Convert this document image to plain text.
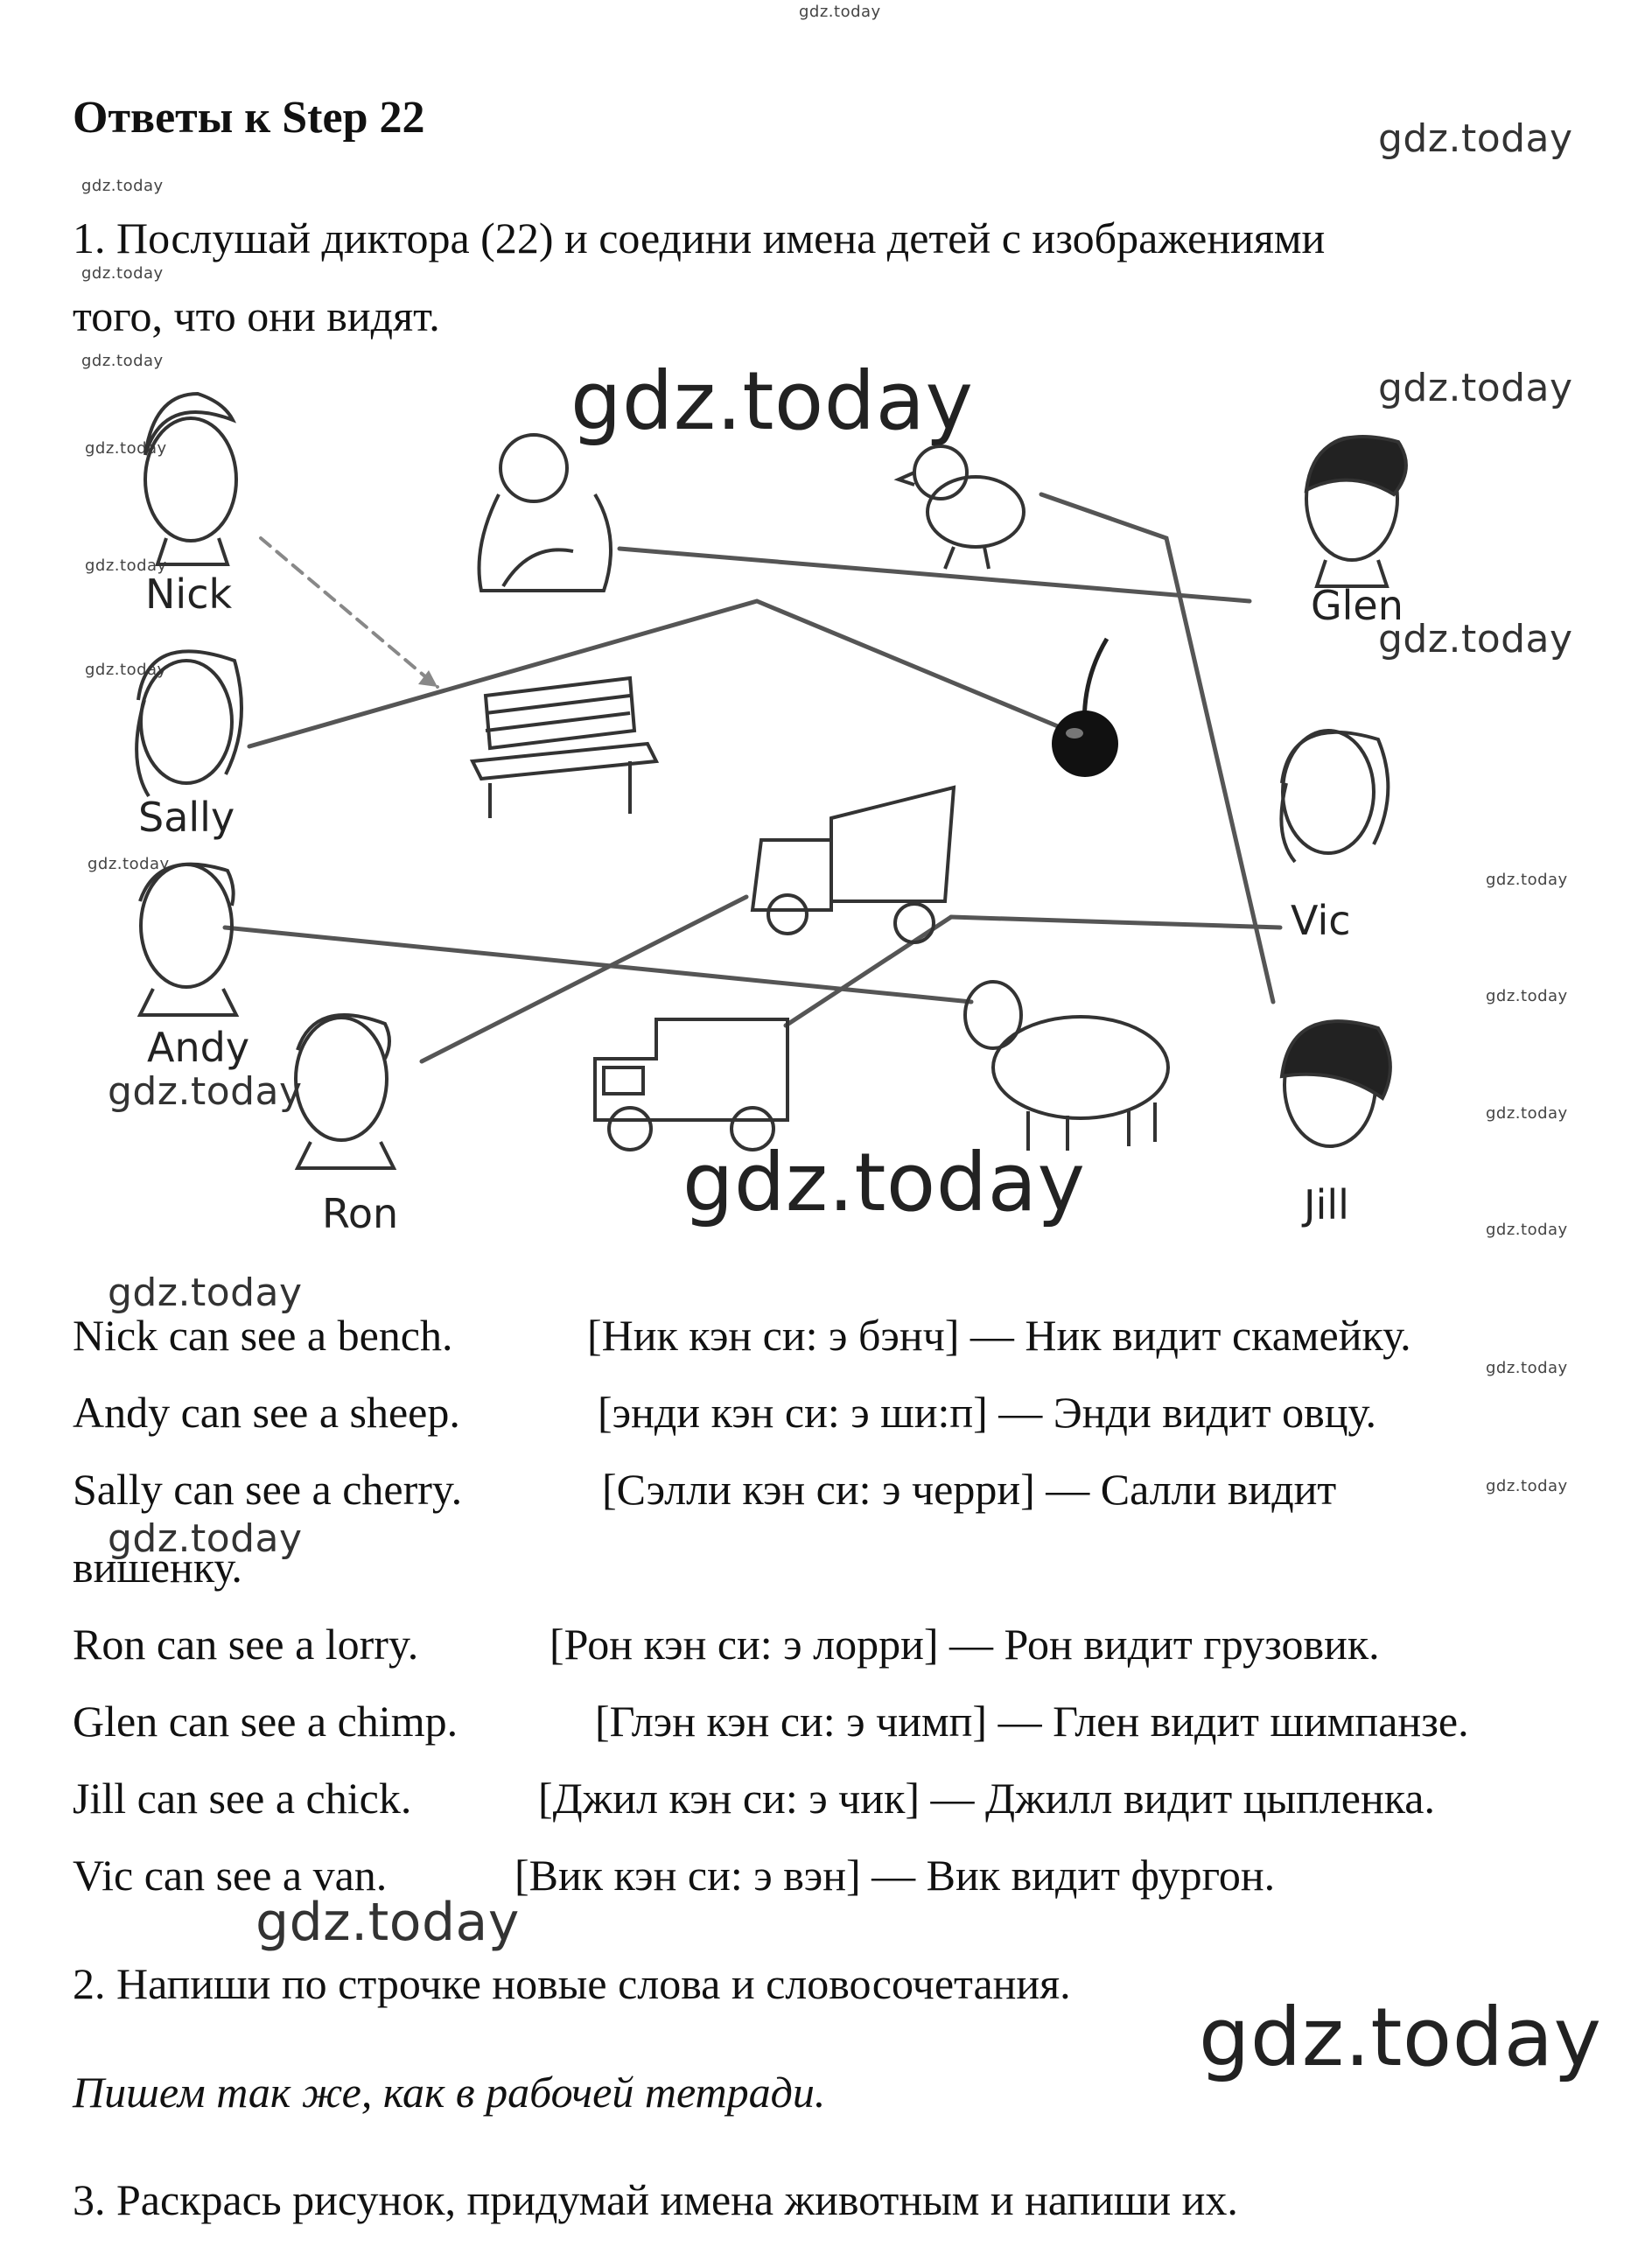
gdz.today
gdz.today
gdz.today
gdz.today
gdz.today
gdz.today
gdz.today
gdz.today
gdz.today
gdz.today
gdz.today
gdz.today
gdz.today
gdz.today
gdz.today
gdz.today
gdz.today
gdz.today
gdz.today
gdz.today
gdz.today
gdz.today
gdz.today
gdz.today
Ответы к Step 22
1. Послушай диктора (22) и соедини имена детей с изображениями
того, что они видят.
Nick
Sally
Andy
Ron
Glen
Vic
Jill
Nick can see a bench.	[Ник кэн си: э бэнч] — Ник видит скамейку.
Andy can see a sheep.	[энди кэн си: э ши:п] — Энди видит овцу.
Sally can see a cherry.	[Сэлли кэн си: э черри] — Салли видит
вишенку.
Ron can see a lorry.	[Рон кэн си: э лорри] — Рон видит грузовик.
Glen can see a chimp.	[Глэн кэн си: э чимп] — Глен видит шимпанзе.
Jill can see a chick.	[Джил кэн си: э чик] — Джилл видит цыпленка.
Vic can see a van.	[Вик кэн си: э вэн] — Вик видит фургон.
2. Напиши по строчке новые слова и словосочетания.
Пишем так же, как в рабочей тетради.
3. Раскрась рисунок, придумай имена животным и напиши их.
